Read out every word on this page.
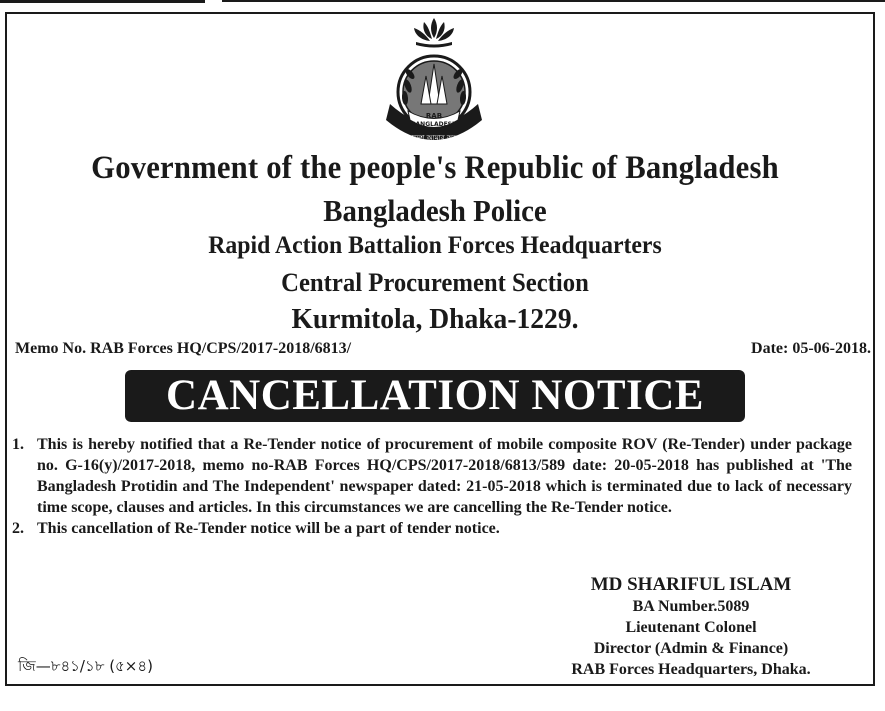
RAB
BANGLADESH
বাংলাদেশ আমার অহংকার
Government of the people's Republic of Bangladesh
Bangladesh Police
Rapid Action Battalion Forces Headquarters
Central Procurement Section
Kurmitola, Dhaka-1229.
Memo No. RAB Forces HQ/CPS/2017-2018/6813/	Date: 05-06-2018.
CANCELLATION NOTICE
1. This is hereby notified that a Re-Tender notice of procurement of mobile composite ROV (Re-Tender) under package no. G-16(y)/2017-2018, memo no-RAB Forces HQ/CPS/2017-2018/6813/589 date: 20-05-2018 has published at 'The Bangladesh Protidin and The Independent' newspaper dated: 21-05-2018 which is terminated due to lack of necessary time scope, clauses and articles. In this circumstances we are cancelling the Re-Tender notice.
2. This cancellation of Re-Tender notice will be a part of tender notice.
MD SHARIFUL ISLAM
BA Number.5089
Lieutenant Colonel
Director (Admin & Finance)
RAB Forces Headquarters, Dhaka.
জি—৮৪১/১৮ (৫×৪)
